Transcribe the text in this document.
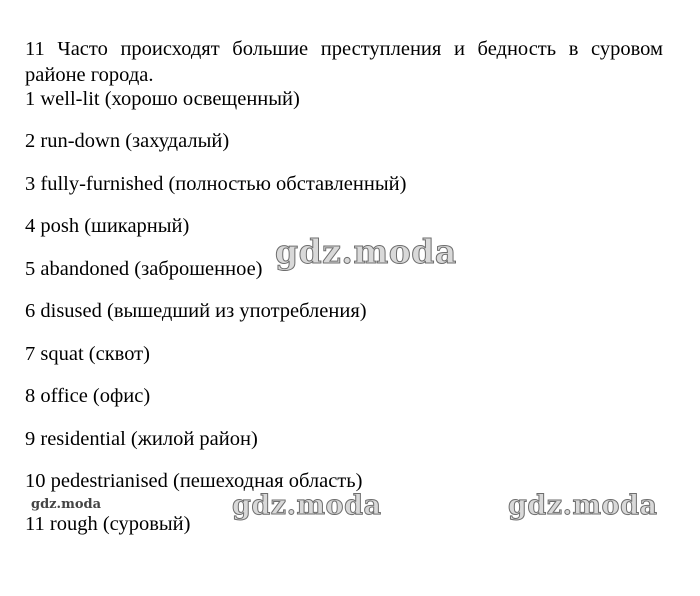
11 Часто происходят большие преступления и бедность в суровом районе города.

1 well-lit (хорошо освещенный)
2 run-down (захудалый)
3 fully-furnished (полностью обставленный)
4 posh (шикарный)
5 abandoned (заброшенное)
6 disused (вышедший из употребления)
7 squat (сквот)
8 office (офис)
9 residential (жилой район)
10 pedestrianised (пешеходная область)
11 rough (суровый)
gdz.moda
gdz.moda	gdz.moda	gdz.moda
